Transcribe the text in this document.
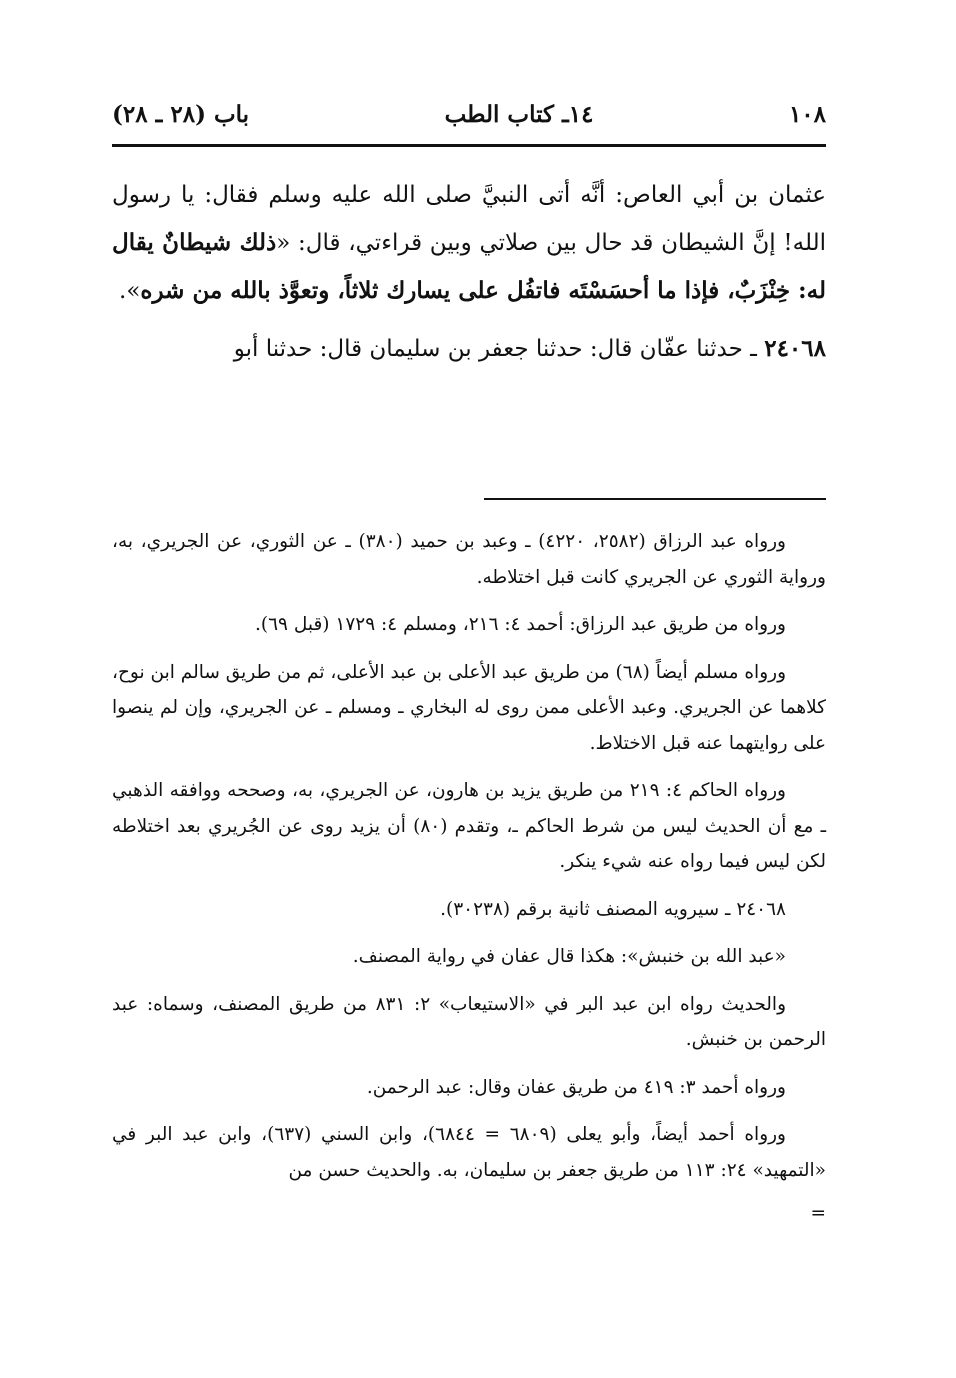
١٠٨
١٤ـ كتاب الطب
باب (٢٨ ـ ٢٨)

عثمان بن أبي العاص: أنَّه أتى النبيَّ صلى الله عليه وسلم فقال: يا رسول الله! إنَّ الشيطان قد حال بين صلاتي وبين قراءتي، قال: «ذلك شيطانٌ يقال له: خِنْزَبٌ، فإذا ما أحسَسْتَه فاتفُل على يسارك ثلاثاً، وتعوَّذ بالله من شره».

٢٤٠٦٨ ـ حدثنا عفّان قال: حدثنا جعفر بن سليمان قال: حدثنا أبو

ورواه عبد الرزاق (٢٥٨٢، ٤٢٢٠) ـ وعبد بن حميد (٣٨٠) ـ عن الثوري، عن الجريري، به، ورواية الثوري عن الجريري كانت قبل اختلاطه.

ورواه من طريق عبد الرزاق: أحمد ٤: ٢١٦، ومسلم ٤: ١٧٢٩ (قبل ٦٩).

ورواه مسلم أيضاً (٦٨) من طريق عبد الأعلى بن عبد الأعلى، ثم من طريق سالم ابن نوح، كلاهما عن الجريري. وعبد الأعلى ممن روى له البخاري ـ ومسلم ـ عن الجريري، وإن لم ينصوا على روايتهما عنه قبل الاختلاط.

ورواه الحاكم ٤: ٢١٩ من طريق يزيد بن هارون، عن الجريري، به، وصححه ووافقه الذهبي ـ مع أن الحديث ليس من شرط الحاكم ـ، وتقدم (٨٠) أن يزيد روى عن الجُريري بعد اختلاطه لكن ليس فيما رواه عنه شيء ينكر.

٢٤٠٦٨ ـ سيرويه المصنف ثانية برقم (٣٠٢٣٨).

«عبد الله بن خنبش»: هكذا قال عفان في رواية المصنف.

والحديث رواه ابن عبد البر في «الاستيعاب» ٢: ٨٣١ من طريق المصنف، وسماه: عبد الرحمن بن خنبش.

ورواه أحمد ٣: ٤١٩ من طريق عفان وقال: عبد الرحمن.

ورواه أحمد أيضاً، وأبو يعلى (٦٨٠٩ = ٦٨٤٤)، وابن السني (٦٣٧)، وابن عبد البر في «التمهيد» ٢٤: ١١٣ من طريق جعفر بن سليمان، به. والحديث حسن من

=
